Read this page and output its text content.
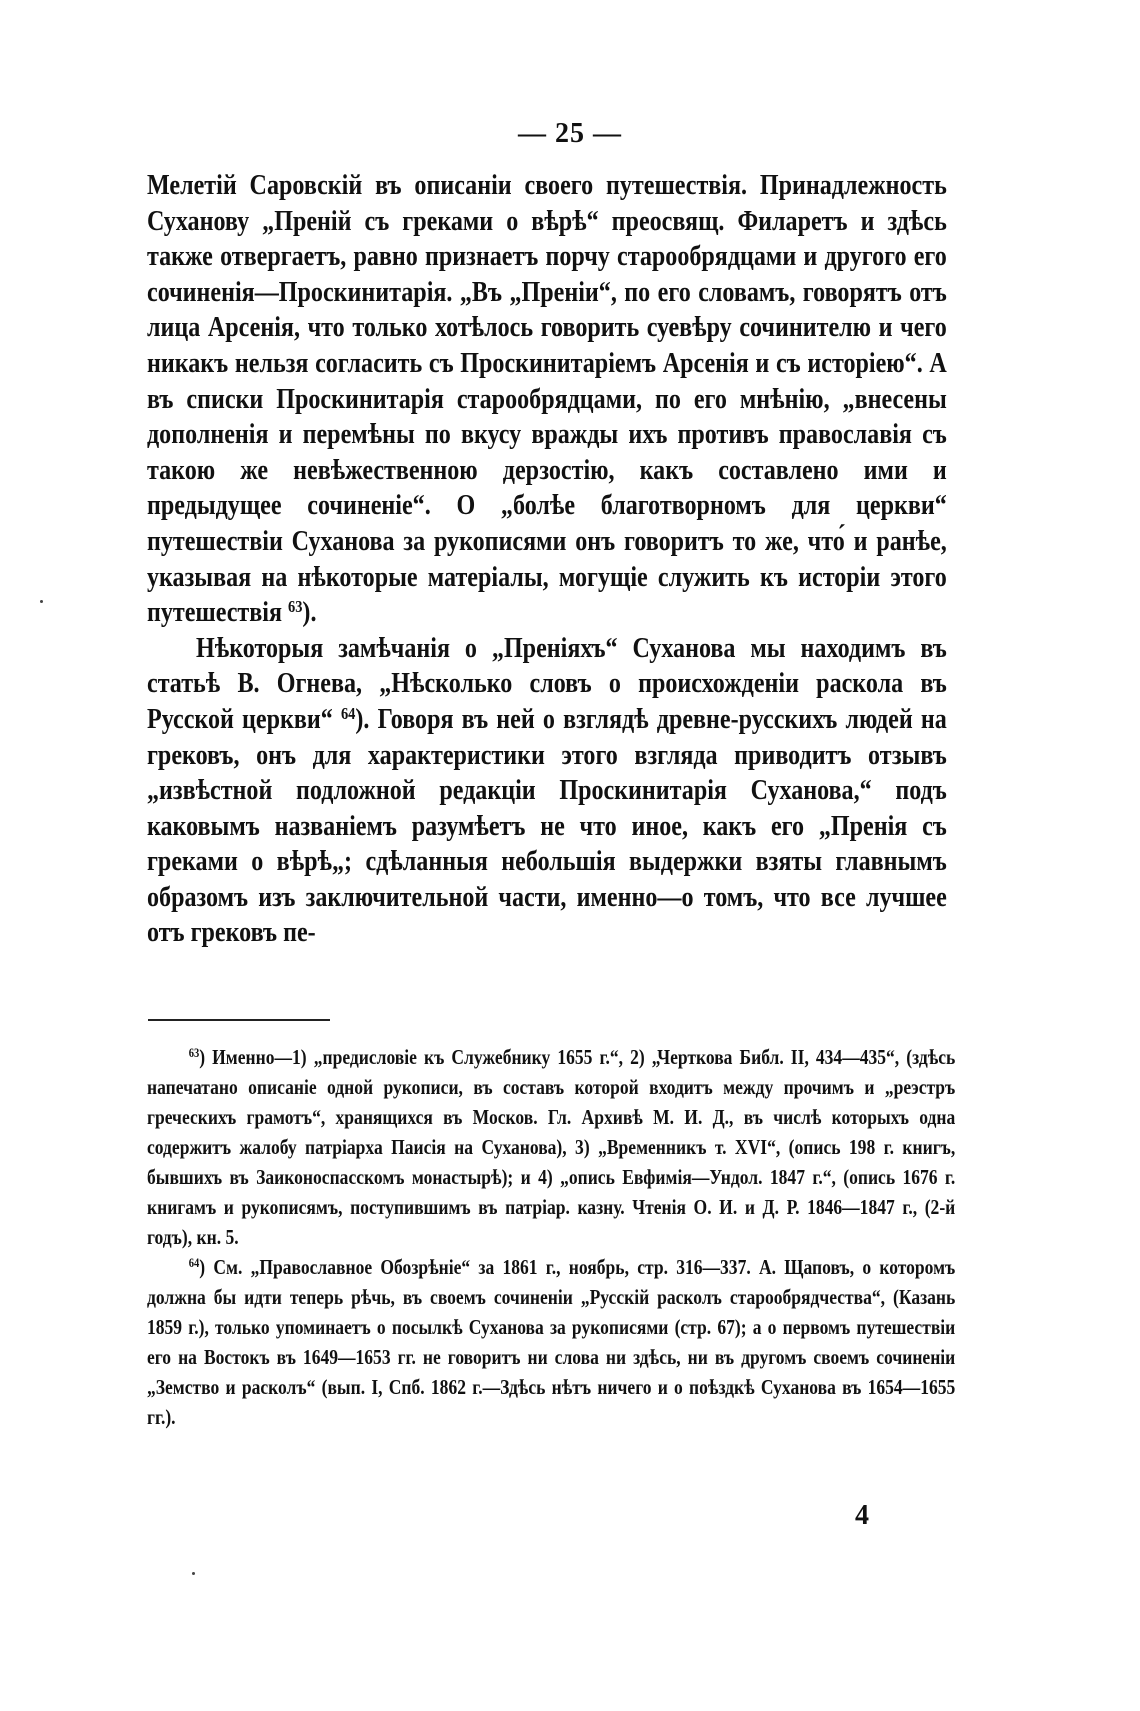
— 25 —

Мелетій Саровскій въ описаніи своего путешествія. Принадлежность Суханову „Преній съ греками о вѣрѣ“ преосвящ. Филаретъ и здѣсь также отвергаетъ, равно признаетъ порчу старообрядцами и другого его сочиненія—Проскинитарія. „Въ „Преніи“, по его словамъ, говорятъ отъ лица Арсенія, что только хотѣлось говорить суевѣру сочинителю и чего никакъ нельзя согласить съ Проскинитаріемъ Арсенія и съ исторіею“. А въ списки Проскинитарія старообрядцами, по его мнѣнію, „внесены дополненія и перемѣны по вкусу вражды ихъ противъ православія съ такою же невѣжественною дерзостію, какъ составлено ими и предыдущее сочиненіе“. О „болѣе благотворномъ для церкви“ путешествіи Суханова за рукописями онъ говоритъ то же, что́ и ранѣе, указывая на нѣкоторые матеріалы, могущіе служить къ исторіи этого путешествія $^{63}$).

Нѣкоторыя замѣчанія о „Преніяхъ“ Суханова мы находимъ въ статьѣ В. Огнева, „Нѣсколько словъ о происхожденіи раскола въ Русской церкви“ $^{64}$). Говоря въ ней о взглядѣ древне-русскихъ людей на грековъ, онъ для характеристики этого взгляда приводитъ отзывъ „извѣстной подложной редакціи Проскинитарія Суханова,“ подъ каковымъ названіемъ разумѣетъ не что иное, какъ его „Пренія съ греками о вѣрѣ„; сдѣланныя небольшія выдержки взяты главнымъ образомъ изъ заключительной части, именно—о томъ, что все лучшее отъ грековъ пе-

$^{63}$) Именно—1) „предисловіе къ Служебнику 1655 г.“, 2) „Черткова Библ. II, 434—435“, (здѣсь напечатано описаніе одной рукописи, въ составъ которой входитъ между прочимъ и „реэстръ греческихъ грамотъ“, хранящихся въ Москов. Гл. Архивѣ М. И. Д., въ числѣ которыхъ одна содержитъ жалобу патріарха Паисія на Суханова), 3) „Временникъ т. XVI“, (опись 198 г. книгъ, бывшихъ въ Заиконоспасскомъ монастырѣ); и 4) „опись Евфимія—Ундол. 1847 г.“, (опись 1676 г. книгамъ и рукописямъ, поступившимъ въ патріар. казну. Чтенія О. И. и Д. Р. 1846—1847 г., (2-й годъ), кн. 5.

$^{64}$) См. „Православное Обозрѣніе“ за 1861 г., ноябрь, стр. 316—337. А. Щаповъ, о которомъ должна бы идти теперь рѣчь, въ своемъ сочиненіи „Русскій расколъ старообрядчества“, (Казань 1859 г.), только упоминаетъ о посылкѣ Суханова за рукописями (стр. 67); а о первомъ путешествіи его на Востокъ въ 1649—1653 гг. не говоритъ ни слова ни здѣсь, ни въ другомъ своемъ сочиненіи „Земство и расколъ“ (вып. I, Спб. 1862 г.—Здѣсь нѣтъ ничего и о поѣздкѣ Суханова въ 1654—1655 гг.).

4
